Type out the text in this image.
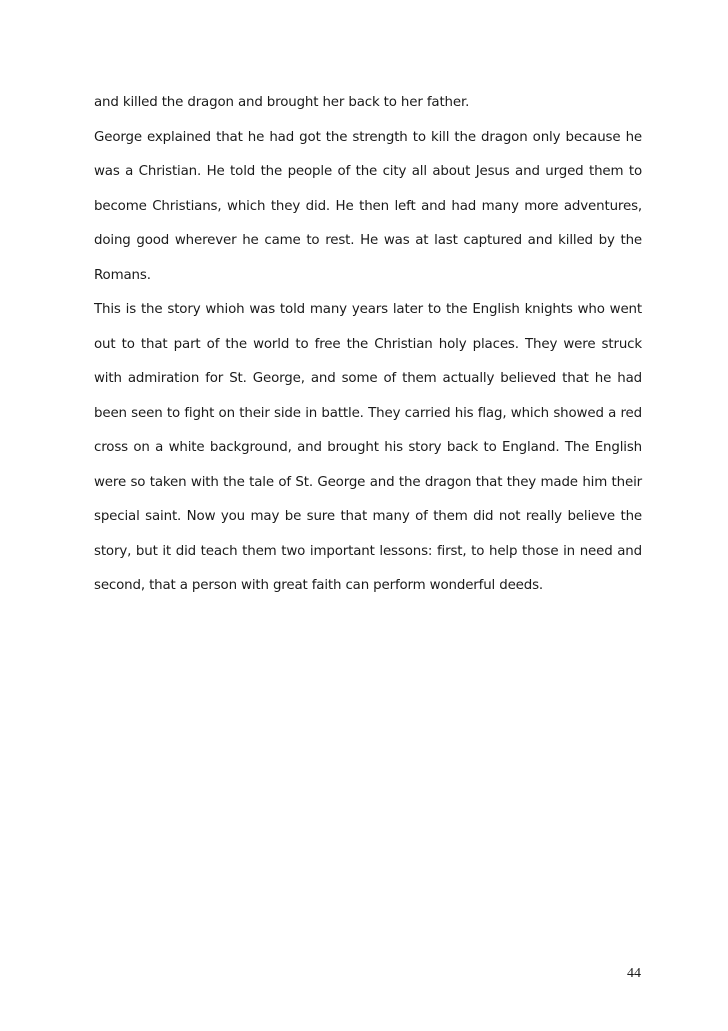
and killed the dragon and brought her back to her father.

George explained that he had got the strength to kill the dragon only because he was a Christian. He told the people of the city all about Jesus and urged them to become Christians, which they did. He then left and had many more adventures, doing good wherever he came to rest. He was at last captured and killed by the Romans.

This is the story whioh was told many years later to the English knights who went out to that part of the world to free the Christian holy places. They were struck with admiration for St. George, and some of them actually believed that he had been seen to fight on their side in battle. They carried his flag, which showed a red cross on a white background, and brought his story back to England. The English were so taken with the tale of St. George and the dragon that they made him their special saint. Now you may be sure that many of them did not really believe the story, but it did teach them two important lessons: first, to help those in need and second, that a person with great faith can perform wonderful deeds.

44
